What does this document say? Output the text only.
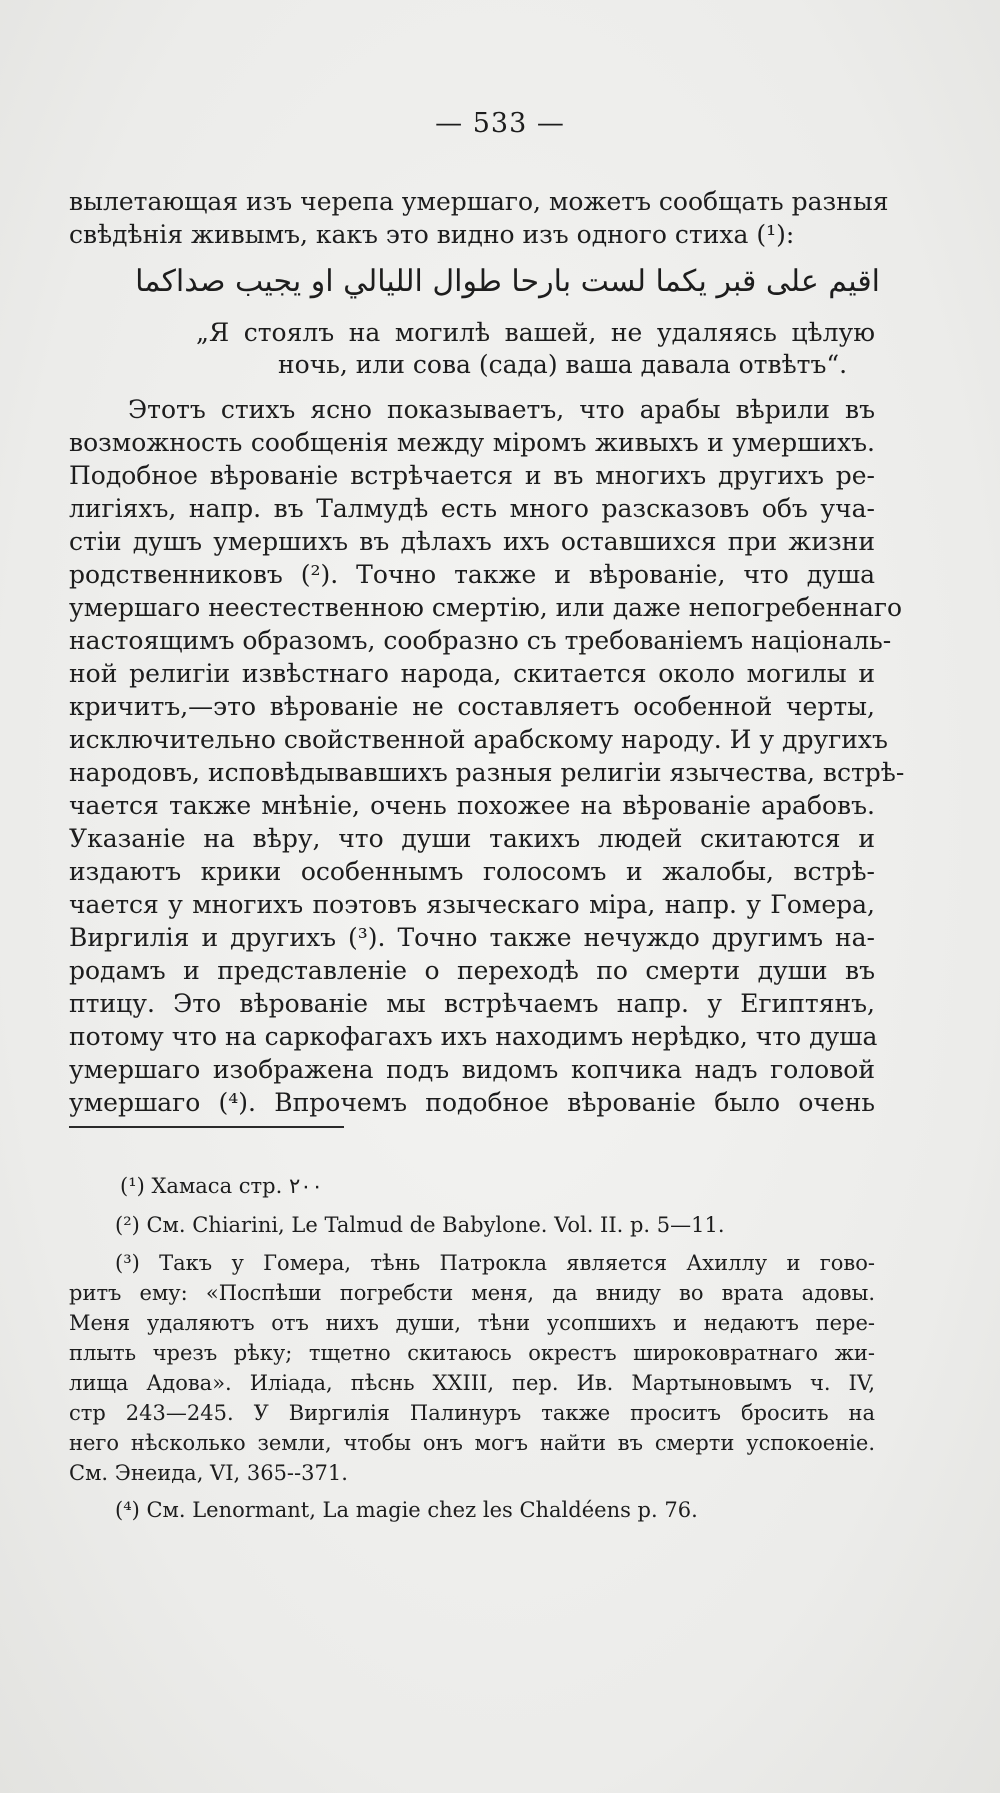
— 533 —
вылетающая изъ черепа умершаго, можетъ сообщать разныя
свѣдѣнія живымъ, какъ это видно изъ одного стиха (¹):
اقيم على قبر يكما لست بارحا طوال الليالي او يجيب صداكما
„Я стоялъ на могилѣ вашей, не удаляясь цѣлую
ночь, или сова (сада) ваша давала отвѣтъ“.
Этотъ стихъ ясно показываетъ, что арабы вѣрили въ
возможность сообщенія между міромъ живыхъ и умершихъ.
Подобное вѣрованіе встрѣчается и въ многихъ другихъ ре-
лигіяхъ, напр. въ Талмудѣ есть много разсказовъ объ уча-
стіи душъ умершихъ въ дѣлахъ ихъ оставшихся при жизни
родственниковъ (²). Точно также и вѣрованіе, что душа
умершаго неестественною смертію, или даже непогребеннаго
настоящимъ образомъ, сообразно съ требованіемъ національ-
ной религіи извѣстнаго народа, скитается около могилы и
кричитъ,—это вѣрованіе не составляетъ особенной черты,
исключительно свойственной арабскому народу. И у другихъ
народовъ, исповѣдывавшихъ разныя религіи язычества, встрѣ-
чается также мнѣніе, очень похожее на вѣрованіе арабовъ.
Указаніе на вѣру, что души такихъ людей скитаются и
издаютъ крики особеннымъ голосомъ и жалобы, встрѣ-
чается у многихъ поэтовъ языческаго міра, напр. у Гомера,
Виргилія и другихъ (³). Точно также нечуждо другимъ на-
родамъ и представленіе о переходѣ по смерти души въ
птицу. Это вѣрованіе мы встрѣчаемъ напр. у Египтянъ,
потому что на саркофагахъ ихъ находимъ нерѣдко, что душа
умершаго изображена подъ видомъ копчика надъ головой
умершаго (⁴). Впрочемъ подобное вѣрованіе было очень
(¹) Хамаса стр. ٢٠٠
(²) См. Chiarini, Le Talmud de Babylone. Vol. II. p. 5—11.
(³) Такъ у Гомера, тѣнь Патрокла является Ахиллу и гово-
ритъ ему: «Поспѣши погребсти меня, да вниду во врата адовы.
Меня удаляютъ отъ нихъ души, тѣни усопшихъ и недаютъ пере-
плыть чрезъ рѣку; тщетно скитаюсь окрестъ широковратнаго жи-
лища Адова». Иліада, пѣснь XXIII, пер. Ив. Мартыновымъ ч. IV,
стр 243—245. У Виргилія Палинуръ также проситъ бросить на
него нѣсколько земли, чтобы онъ могъ найти въ смерти успокоеніе.
См. Энеида, VI, 365--371.
(⁴) См. Lenormant, La magie chez les Chaldéens p. 76.
